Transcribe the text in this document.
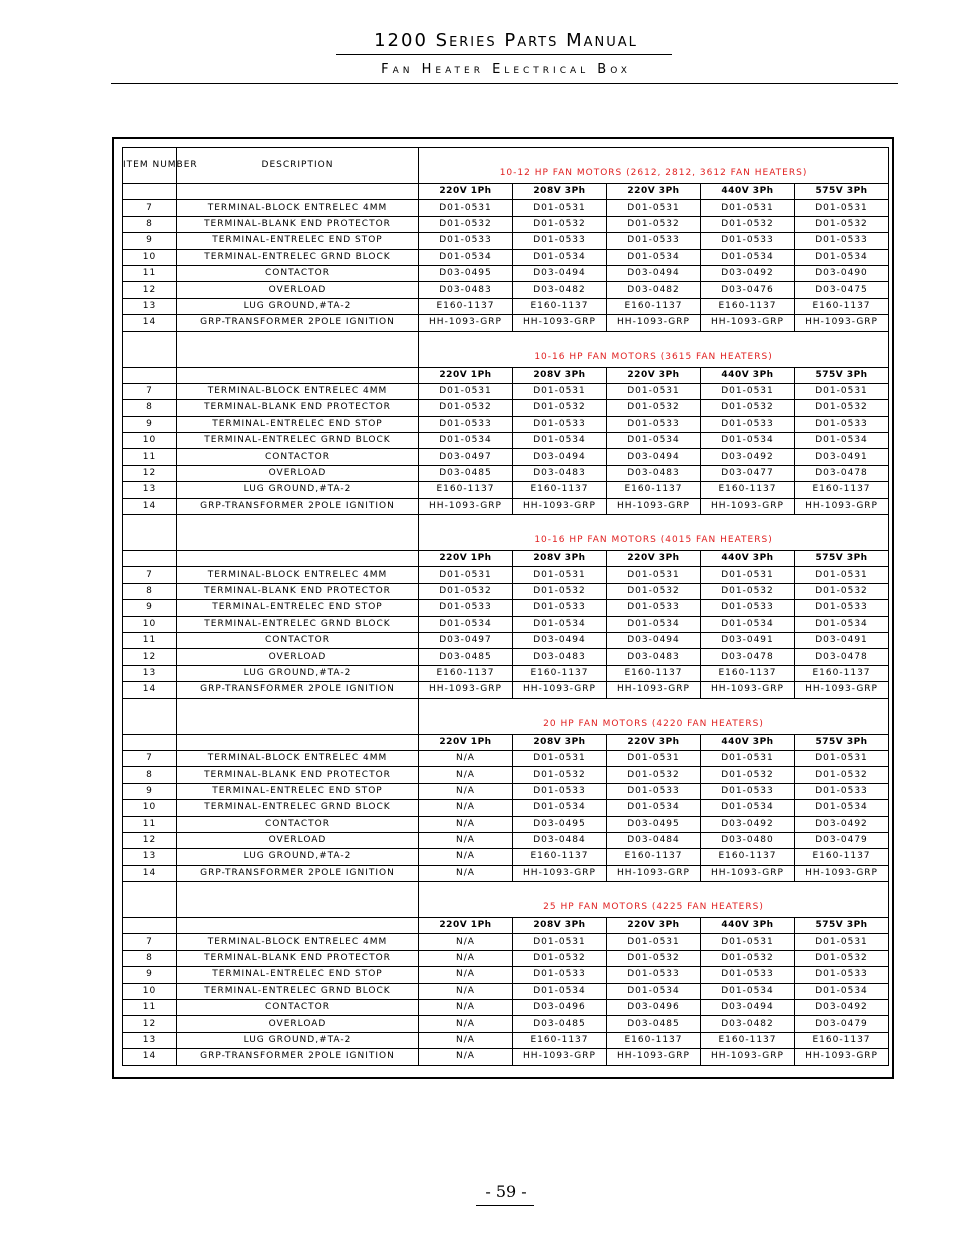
1200 Series Parts Manual
Fan Heater Electrical Box
ITEM NUMBER	DESCRIPTION	10-12 HP FAN MOTORS (2612, 2812, 3612 FAN HEATERS)				
		220V 1Ph	208V 3Ph	220V 3Ph	440V 3Ph	575V 3Ph
7	TERMINAL-BLOCK ENTRELEC 4MM	D01-0531	D01-0531	D01-0531	D01-0531	D01-0531
8	TERMINAL-BLANK END PROTECTOR	D01-0532	D01-0532	D01-0532	D01-0532	D01-0532
9	TERMINAL-ENTRELEC END STOP	D01-0533	D01-0533	D01-0533	D01-0533	D01-0533
10	TERMINAL-ENTRELEC GRND BLOCK	D01-0534	D01-0534	D01-0534	D01-0534	D01-0534
11	CONTACTOR	D03-0495	D03-0494	D03-0494	D03-0492	D03-0490
12	OVERLOAD	D03-0483	D03-0482	D03-0482	D03-0476	D03-0475
13	LUG GROUND,#TA-2	E160-1137	E160-1137	E160-1137	E160-1137	E160-1137
14	GRP-TRANSFORMER 2POLE IGNITION	HH-1093-GRP	HH-1093-GRP	HH-1093-GRP	HH-1093-GRP	HH-1093-GRP
		10-16 HP FAN MOTORS (3615 FAN HEATERS)				
		220V 1Ph	208V 3Ph	220V 3Ph	440V 3Ph	575V 3Ph
7	TERMINAL-BLOCK ENTRELEC 4MM	D01-0531	D01-0531	D01-0531	D01-0531	D01-0531
8	TERMINAL-BLANK END PROTECTOR	D01-0532	D01-0532	D01-0532	D01-0532	D01-0532
9	TERMINAL-ENTRELEC END STOP	D01-0533	D01-0533	D01-0533	D01-0533	D01-0533
10	TERMINAL-ENTRELEC GRND BLOCK	D01-0534	D01-0534	D01-0534	D01-0534	D01-0534
11	CONTACTOR	D03-0497	D03-0494	D03-0494	D03-0492	D03-0491
12	OVERLOAD	D03-0485	D03-0483	D03-0483	D03-0477	D03-0478
13	LUG GROUND,#TA-2	E160-1137	E160-1137	E160-1137	E160-1137	E160-1137
14	GRP-TRANSFORMER 2POLE IGNITION	HH-1093-GRP	HH-1093-GRP	HH-1093-GRP	HH-1093-GRP	HH-1093-GRP
		10-16 HP FAN MOTORS (4015 FAN HEATERS)				
		220V 1Ph	208V 3Ph	220V 3Ph	440V 3Ph	575V 3Ph
7	TERMINAL-BLOCK ENTRELEC 4MM	D01-0531	D01-0531	D01-0531	D01-0531	D01-0531
8	TERMINAL-BLANK END PROTECTOR	D01-0532	D01-0532	D01-0532	D01-0532	D01-0532
9	TERMINAL-ENTRELEC END STOP	D01-0533	D01-0533	D01-0533	D01-0533	D01-0533
10	TERMINAL-ENTRELEC GRND BLOCK	D01-0534	D01-0534	D01-0534	D01-0534	D01-0534
11	CONTACTOR	D03-0497	D03-0494	D03-0494	D03-0491	D03-0491
12	OVERLOAD	D03-0485	D03-0483	D03-0483	D03-0478	D03-0478
13	LUG GROUND,#TA-2	E160-1137	E160-1137	E160-1137	E160-1137	E160-1137
14	GRP-TRANSFORMER 2POLE IGNITION	HH-1093-GRP	HH-1093-GRP	HH-1093-GRP	HH-1093-GRP	HH-1093-GRP
		20 HP FAN MOTORS (4220 FAN HEATERS)				
		220V 1Ph	208V 3Ph	220V 3Ph	440V 3Ph	575V 3Ph
7	TERMINAL-BLOCK ENTRELEC 4MM	N/A	D01-0531	D01-0531	D01-0531	D01-0531
8	TERMINAL-BLANK END PROTECTOR	N/A	D01-0532	D01-0532	D01-0532	D01-0532
9	TERMINAL-ENTRELEC END STOP	N/A	D01-0533	D01-0533	D01-0533	D01-0533
10	TERMINAL-ENTRELEC GRND BLOCK	N/A	D01-0534	D01-0534	D01-0534	D01-0534
11	CONTACTOR	N/A	D03-0495	D03-0495	D03-0492	D03-0492
12	OVERLOAD	N/A	D03-0484	D03-0484	D03-0480	D03-0479
13	LUG GROUND,#TA-2	N/A	E160-1137	E160-1137	E160-1137	E160-1137
14	GRP-TRANSFORMER 2POLE IGNITION	N/A	HH-1093-GRP	HH-1093-GRP	HH-1093-GRP	HH-1093-GRP
		25 HP FAN MOTORS (4225 FAN HEATERS)				
		220V 1Ph	208V 3Ph	220V 3Ph	440V 3Ph	575V 3Ph
7	TERMINAL-BLOCK ENTRELEC 4MM	N/A	D01-0531	D01-0531	D01-0531	D01-0531
8	TERMINAL-BLANK END PROTECTOR	N/A	D01-0532	D01-0532	D01-0532	D01-0532
9	TERMINAL-ENTRELEC END STOP	N/A	D01-0533	D01-0533	D01-0533	D01-0533
10	TERMINAL-ENTRELEC GRND BLOCK	N/A	D01-0534	D01-0534	D01-0534	D01-0534
11	CONTACTOR	N/A	D03-0496	D03-0496	D03-0494	D03-0492
12	OVERLOAD	N/A	D03-0485	D03-0485	D03-0482	D03-0479
13	LUG GROUND,#TA-2	N/A	E160-1137	E160-1137	E160-1137	E160-1137
14	GRP-TRANSFORMER 2POLE IGNITION	N/A	HH-1093-GRP	HH-1093-GRP	HH-1093-GRP	HH-1093-GRP
- 59 -
